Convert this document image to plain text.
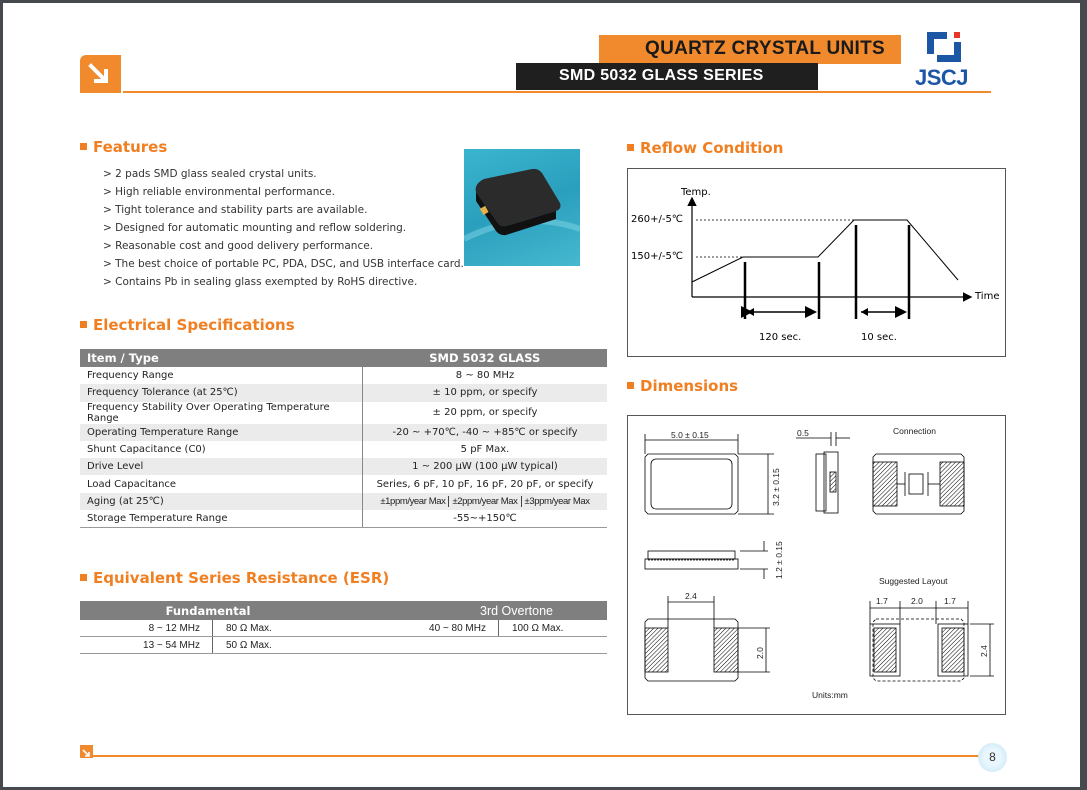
QUARTZ CRYSTAL UNITS
SMD 5032 GLASS SERIES	JSCJ
Features
> 2 pads SMD glass sealed crystal units.
> High reliable environmental performance.
> Tight tolerance and stability parts are available.
> Designed for automatic mounting and reflow soldering.
> Reasonable cost and good delivery performance.
> The best choice of portable PC, PDA, DSC, and USB interface card.
> Contains Pb in sealing glass exempted by RoHS directive.
Electrical Specifications
Item / Type	SMD 5032 GLASS
Frequency Range	8 ~ 80 MHz
Frequency Tolerance (at 25℃)	± 10 ppm, or specify
Frequency Stability Over Operating Temperature Range	± 20 ppm, or specify
Operating Temperature Range	-20 ~ +70℃, -40 ~ +85℃ or specify
Shunt Capacitance (C0)	5 pF Max.
Drive Level	1 ~ 200 μW (100 μW typical)
Load Capacitance	Series, 6 pF, 10 pF, 16 pF, 20 pF, or specify
Aging (at 25℃)	±1ppm/year Max ±2ppm/year Max ±3ppm/year Max
Storage Temperature Range	-55~+150℃
Equivalent Series Resistance (ESR)
Fundamental		3rd Overtone	
8 ~ 12 MHz	80 Ω Max.	40 ~ 80 MHz	100 Ω Max.
13 ~ 54 MHz	50 Ω Max.		
Reflow Condition
Temp.
Time
260+/-5℃
150+/-5℃
120 sec.	10 sec.
Dimensions
5.0 ± 0.15
3.2 ± 0.15
0.5	Connection
1.2 ± 0.15
2.4
2.0
Suggested Layout
1.7	2.0 1.7
2.4
Units:mm
8
